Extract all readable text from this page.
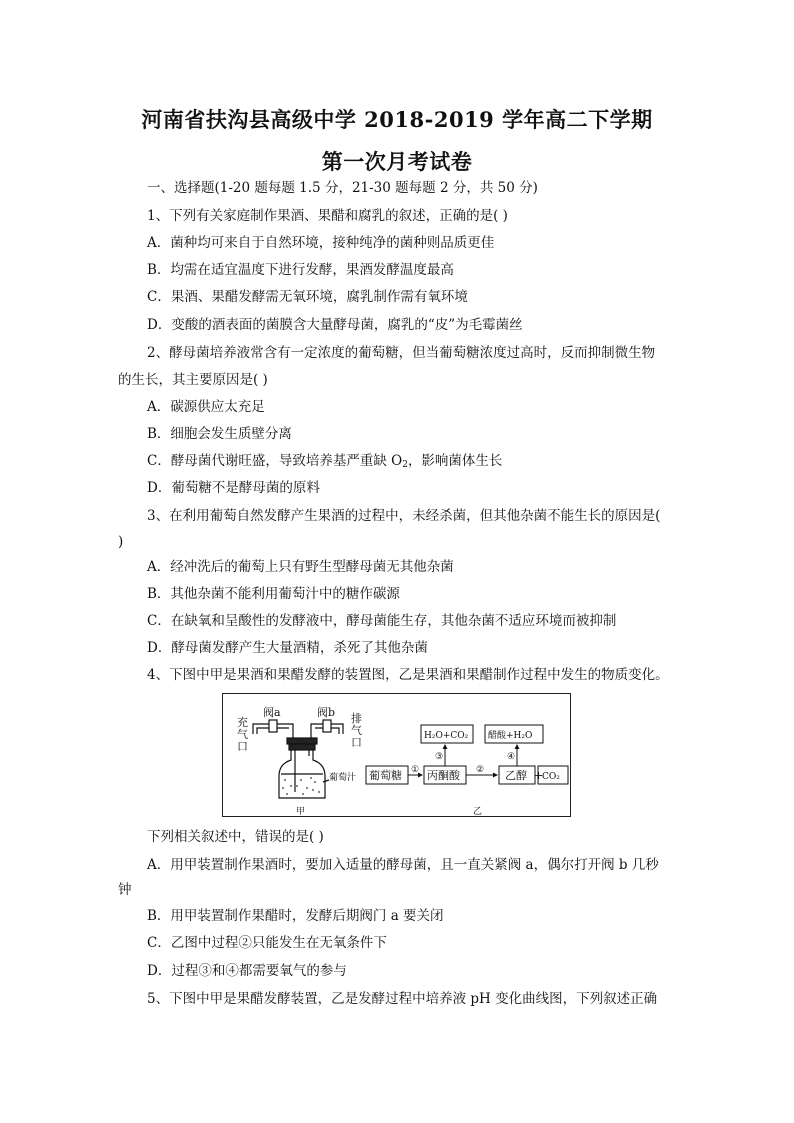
河南省扶沟县高级中学 2018-2019 学年高二下学期
第一次月考试卷
一、选择题(1-20 题每题 1.5 分，21-30 题每题 2 分，共 50 分)
1、下列有关家庭制作果酒、果醋和腐乳的叙述，正确的是( )
A．菌种均可来自于自然环境，接种纯净的菌种则品质更佳
B．均需在适宜温度下进行发酵，果酒发酵温度最高
C．果酒、果醋发酵需无氧环境，腐乳制作需有氧环境
D．变酸的酒表面的菌膜含大量酵母菌，腐乳的“皮”为毛霉菌丝
2、酵母菌培养液常含有一定浓度的葡萄糖，但当葡萄糖浓度过高时，反而抑制微生物
的生长，其主要原因是( )
A．碳源供应太充足
B．细胞会发生质壁分离
C．酵母菌代谢旺盛，导致培养基严重缺 $O_2$，影响菌体生长
D．葡萄糖不是酵母菌的原料
3、在利用葡萄自然发酵产生果酒的过程中，未经杀菌，但其他杂菌不能生长的原因是(
)
A．经冲洗后的葡萄上只有野生型酵母菌无其他杂菌
B．其他杂菌不能利用葡萄汁中的糖作碳源
C．在缺氧和呈酸性的发酵液中，酵母菌能生存，其他杂菌不适应环境而被抑制
D．酵母菌发酵产生大量酒精，杀死了其他杂菌
4、下图中甲是果酒和果醋发酵的装置图，乙是果酒和果醋制作过程中发生的物质变化。
阀a	阀b
充
气
口
排
气
口
葡萄汁
甲	乙
葡萄糖 丙酮酸	乙醇 CO₂
H₂O+CO₂ 醋酸+H₂O
①	②
③	④
+
下列相关叙述中，错误的是( )
A．用甲装置制作果酒时，要加入适量的酵母菌，且一直关紧阀 a，偶尔打开阀 b 几秒
钟
B．用甲装置制作果醋时，发酵后期阀门 a 要关闭
C．乙图中过程②只能发生在无氧条件下
D．过程③和④都需要氧气的参与
5、下图中甲是果醋发酵装置，乙是发酵过程中培养液 pH 变化曲线图，下列叙述正确
